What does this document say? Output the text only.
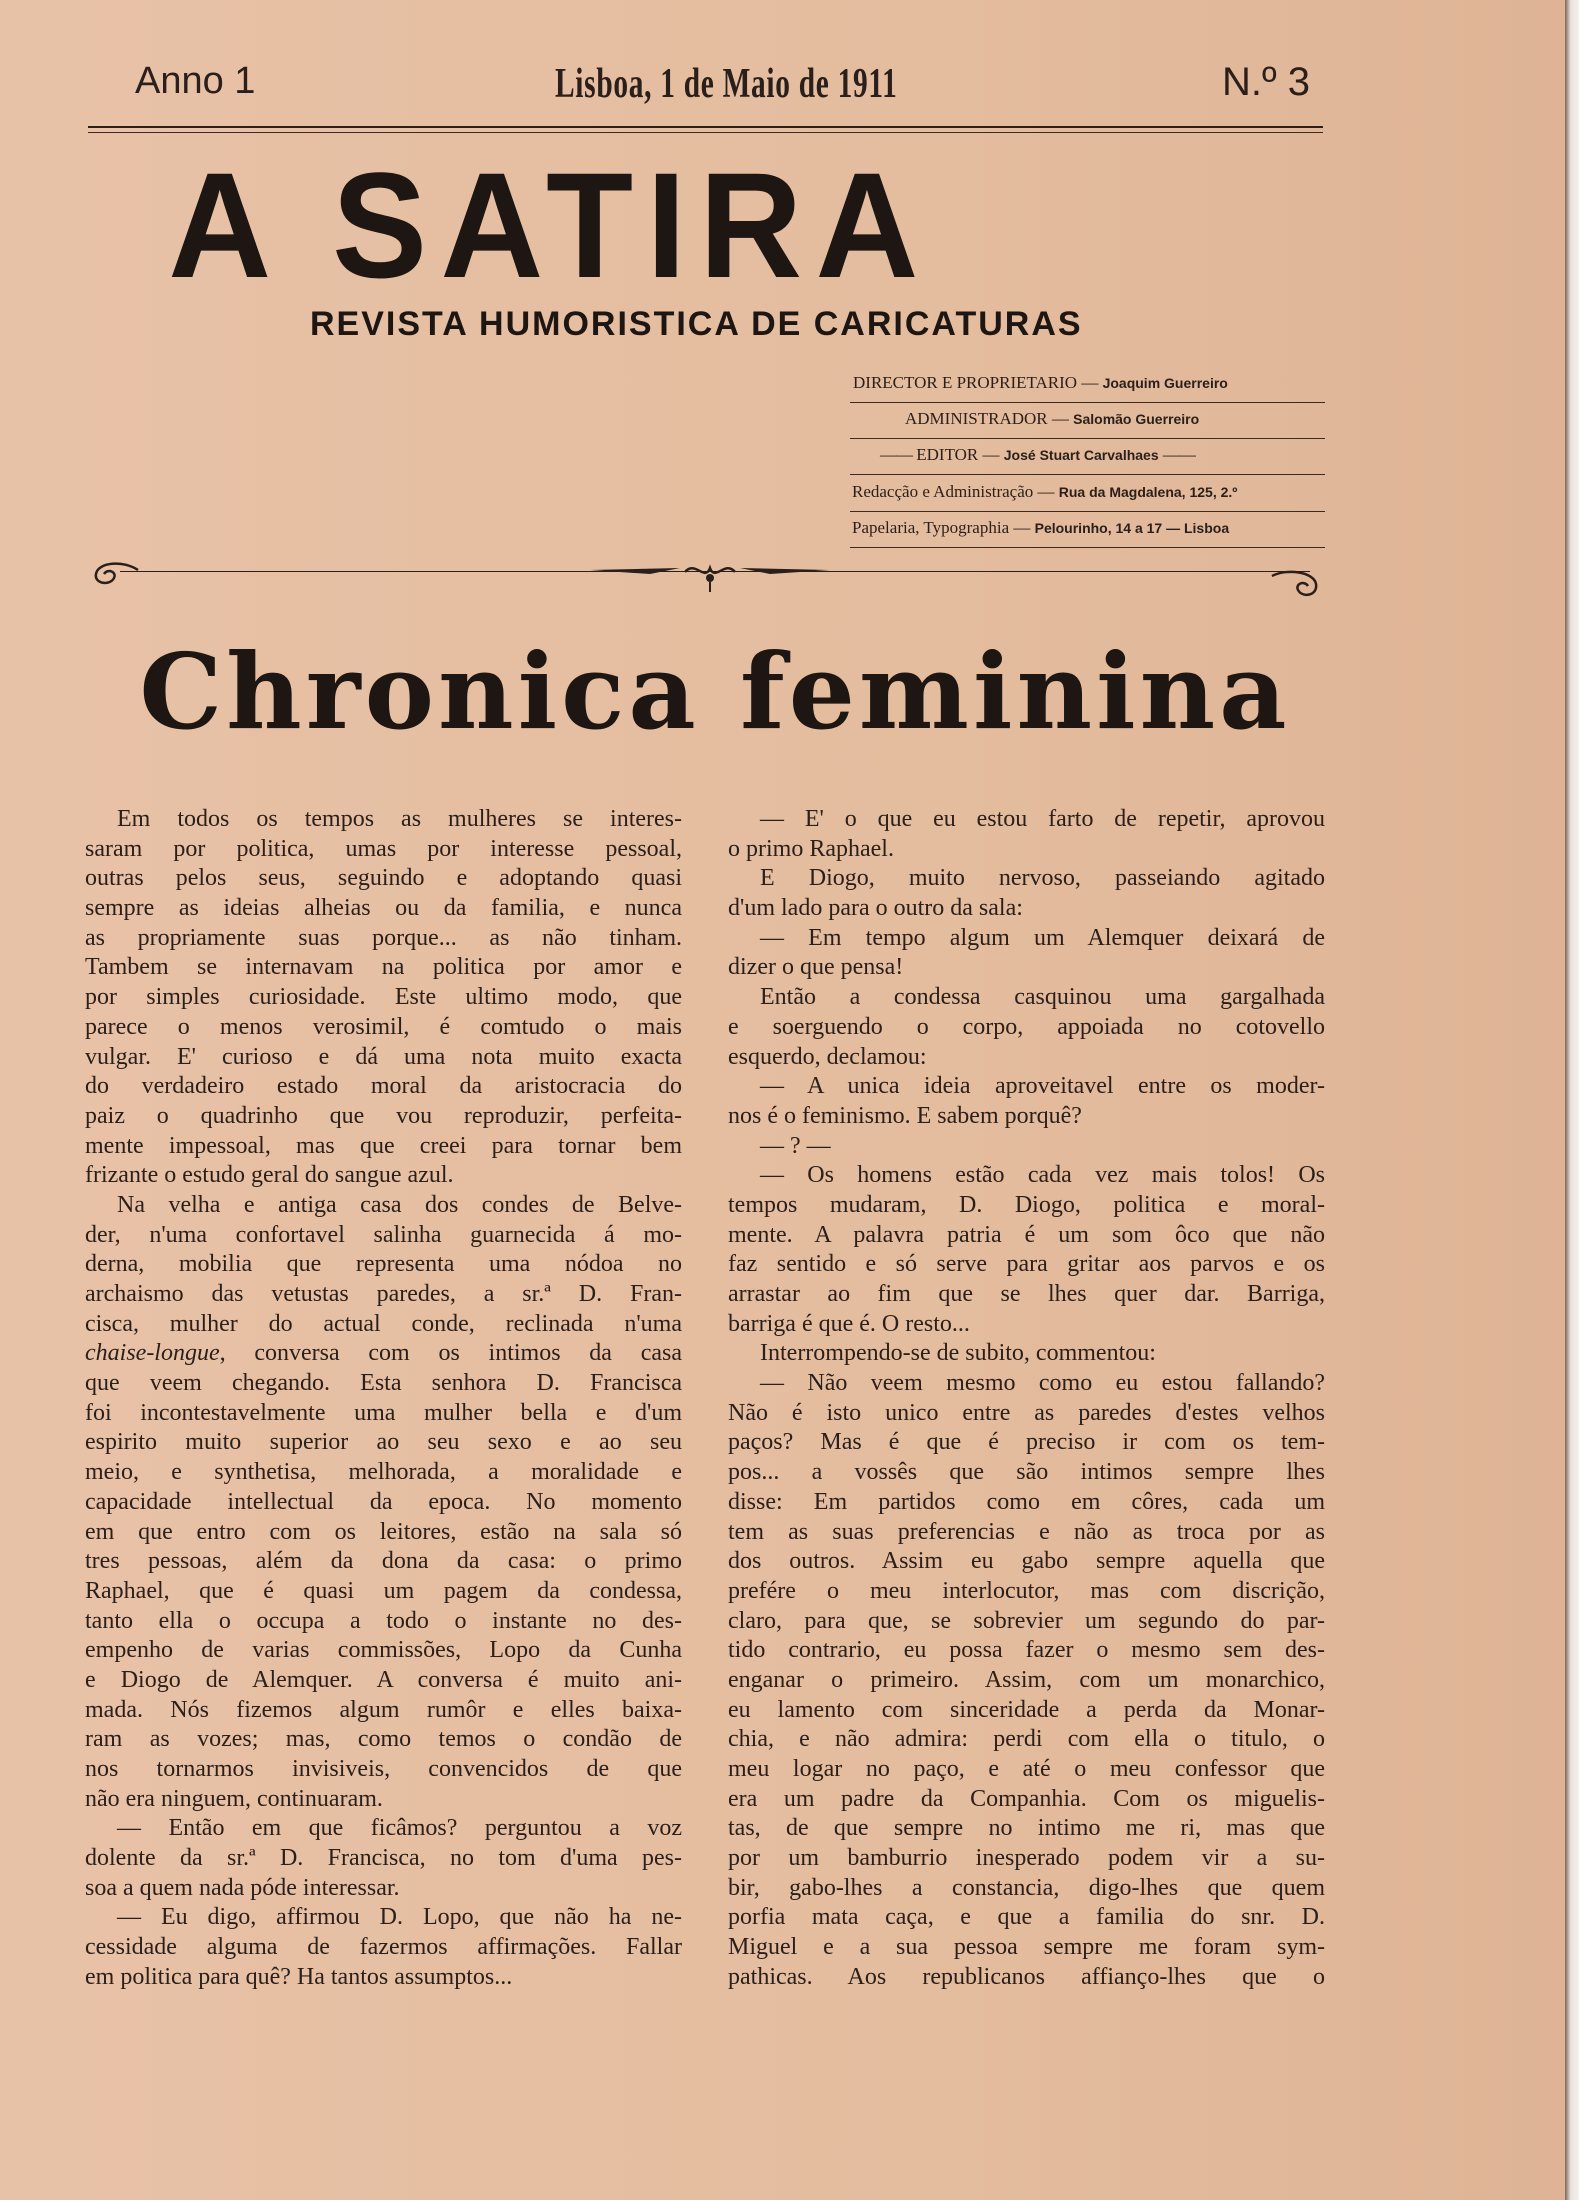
Anno 1	Lisboa, 1 de Maio de 1911	N.º 3
A SATIRA
REVISTA HUMORISTICA DE CARICATURAS
DIRECTOR E PROPRIETARIO — Joaquim Guerreiro
ADMINISTRADOR — Salomão Guerreiro
—— EDITOR — José Stuart Carvalhaes ——
Redacção e Administração — Rua da Magdalena, 125, 2.º
Papelaria, Typographia — Pelourinho, 14 a 17 — Lisboa
Chronica feminina
Em todos os tempos as mulheres se interes-
saram por politica, umas por interesse pessoal,
outras pelos seus, seguindo e adoptando quasi
sempre as ideias alheias ou da familia, e nunca
as propriamente suas porque... as não tinham.
Tambem se internavam na politica por amor e
por simples curiosidade. Este ultimo modo, que
parece o menos verosimil, é comtudo o mais
vulgar. E' curioso e dá uma nota muito exacta
do verdadeiro estado moral da aristocracia do
paiz o quadrinho que vou reproduzir, perfeita-
mente impessoal, mas que creei para tornar bem
frizante o estudo geral do sangue azul.
Na velha e antiga casa dos condes de Belve-
der, n'uma confortavel salinha guarnecida á mo-
derna, mobilia que representa uma nódoa no
archaismo das vetustas paredes, a sr.ª D. Fran-
cisca, mulher do actual conde, reclinada n'uma
chaise-longue, conversa com os intimos da casa
que veem chegando. Esta senhora D. Francisca
foi incontestavelmente uma mulher bella e d'um
espirito muito superior ao seu sexo e ao seu
meio, e synthetisa, melhorada, a moralidade e
capacidade intellectual da epoca. No momento
em que entro com os leitores, estão na sala só
tres pessoas, além da dona da casa: o primo
Raphael, que é quasi um pagem da condessa,
tanto ella o occupa a todo o instante no des-
empenho de varias commissões, Lopo da Cunha
e Diogo de Alemquer. A conversa é muito ani-
mada. Nós fizemos algum rumôr e elles baixa-
ram as vozes; mas, como temos o condão de
nos tornarmos invisiveis, convencidos de que
não era ninguem, continuaram.
— Então em que ficâmos? perguntou a voz
dolente da sr.ª D. Francisca, no tom d'uma pes-
soa a quem nada póde interessar.
— Eu digo, affirmou D. Lopo, que não ha ne-
cessidade alguma de fazermos affirmações. Fallar
em politica para quê? Ha tantos assumptos...
— E' o que eu estou farto de repetir, aprovou
o primo Raphael.
E Diogo, muito nervoso, passeiando agitado
d'um lado para o outro da sala:
— Em tempo algum um Alemquer deixará de
dizer o que pensa!
Então a condessa casquinou uma gargalhada
e soerguendo o corpo, appoiada no cotovello
esquerdo, declamou:
— A unica ideia aproveitavel entre os moder-
nos é o feminismo. E sabem porquê?
— ? —
— Os homens estão cada vez mais tolos! Os
tempos mudaram, D. Diogo, politica e moral-
mente. A palavra patria é um som ôco que não
faz sentido e só serve para gritar aos parvos e os
arrastar ao fim que se lhes quer dar. Barriga,
barriga é que é. O resto...
Interrompendo-se de subito, commentou:
— Não veem mesmo como eu estou fallando?
Não é isto unico entre as paredes d'estes velhos
paços? Mas é que é preciso ir com os tem-
pos... a vossês que são intimos sempre lhes
disse: Em partidos como em côres, cada um
tem as suas preferencias e não as troca por as
dos outros. Assim eu gabo sempre aquella que
prefére o meu interlocutor, mas com discrição,
claro, para que, se sobrevier um segundo do par-
tido contrario, eu possa fazer o mesmo sem des-
enganar o primeiro. Assim, com um monarchico,
eu lamento com sinceridade a perda da Monar-
chia, e não admira: perdi com ella o titulo, o
meu logar no paço, e até o meu confessor que
era um padre da Companhia. Com os miguelis-
tas, de que sempre no intimo me ri, mas que
por um bamburrio inesperado podem vir a su-
bir, gabo-lhes a constancia, digo-lhes que quem
porfia mata caça, e que a familia do snr. D.
Miguel e a sua pessoa sempre me foram sym-
pathicas. Aos republicanos affianço-lhes que o
